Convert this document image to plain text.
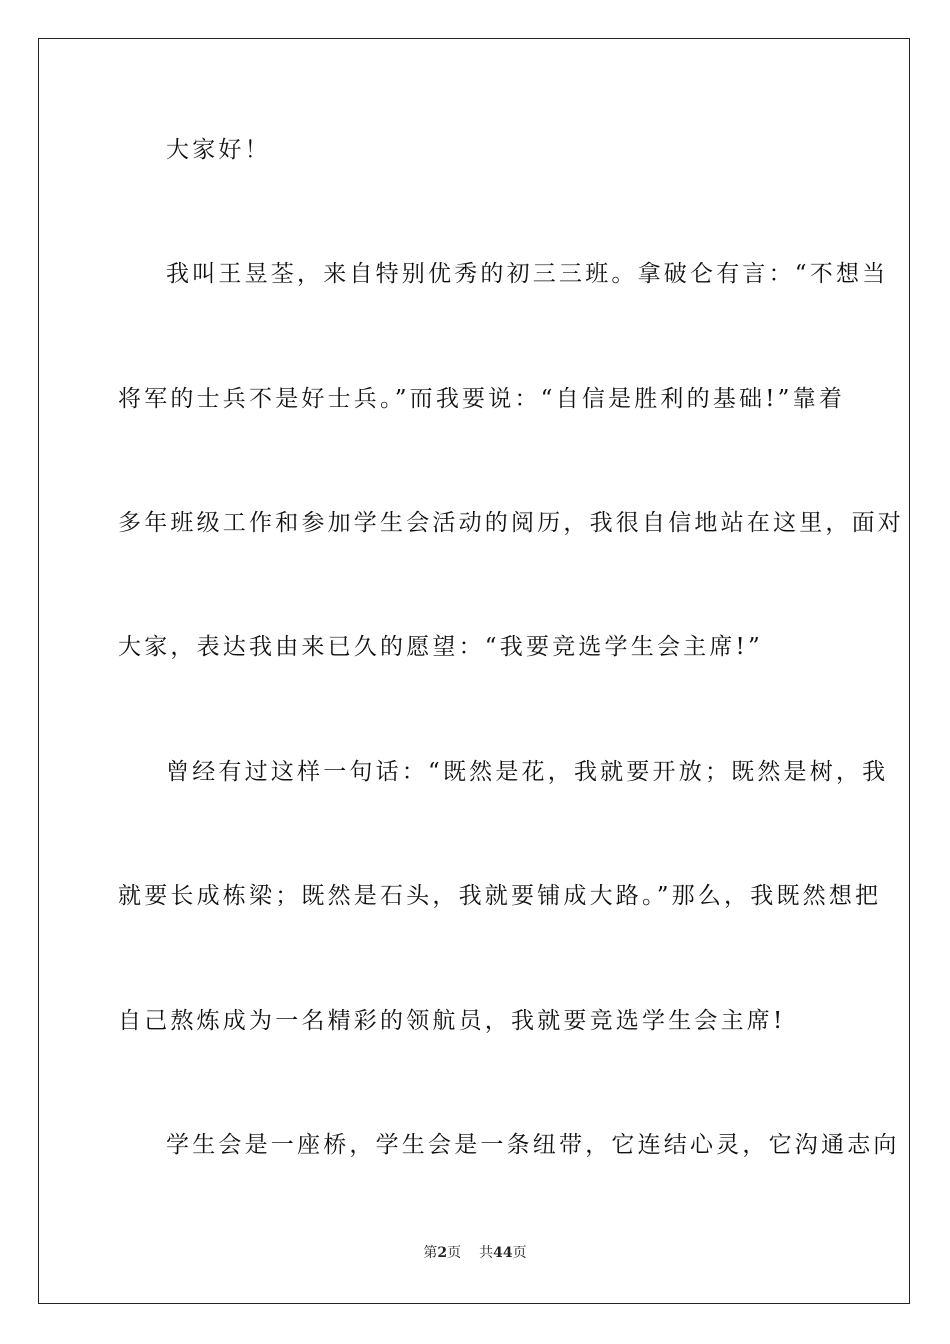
大家好！
我叫王昱荃，来自特别优秀的初三三班。拿破仑有言：“不想当
将军的士兵不是好士兵。”而我要说：“自信是胜利的基础!”靠着
多年班级工作和参加学生会活动的阅历，我很自信地站在这里，面对
大家，表达我由来已久的愿望：“我要竞选学生会主席!”
曾经有过这样一句话：“既然是花，我就要开放；既然是树，我
就要长成栋梁；既然是石头，我就要铺成大路。”那么，我既然想把
自己熬炼成为一名精彩的领航员，我就要竞选学生会主席!
学生会是一座桥，学生会是一条纽带，它连结心灵，它沟通志向
第2页 共44页
